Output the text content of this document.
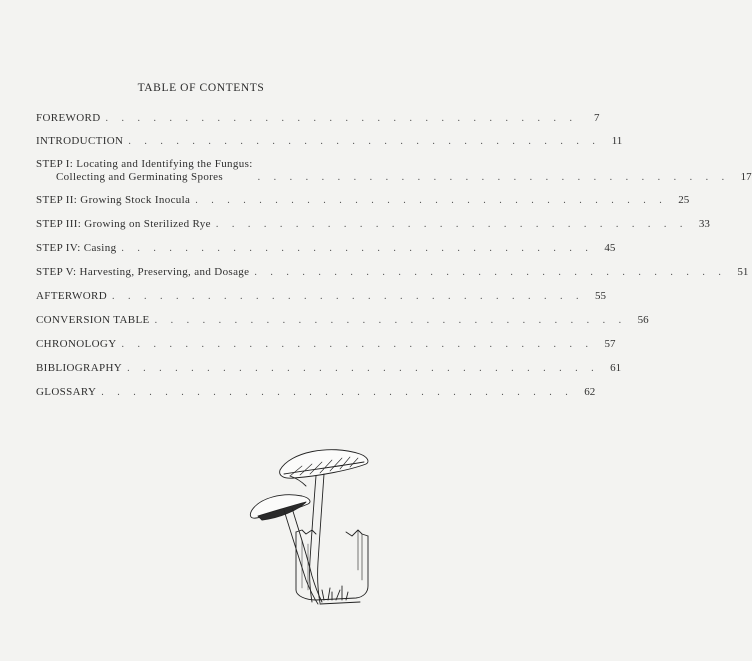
TABLE OF CONTENTS
FOREWORD . . . . . . . . . . . . . . . . . . . . . . . . . . . . . .	7
INTRODUCTION . . . . . . . . . . . . . . . . . . . . . . . . . . . . . .	11
STEP I: Locating and Identifying the Fungus:
Collecting and Germinating Spores	. . . . . . . . . . . . . . . . . . . . . . . . . . . . . .	17
STEP II: Growing Stock Inocula . . . . . . . . . . . . . . . . . . . . . . . . . . . . . .	25
STEP III: Growing on Sterilized Rye . . . . . . . . . . . . . . . . . . . . . . . . . . . . . .	33
STEP IV: Casing . . . . . . . . . . . . . . . . . . . . . . . . . . . . . .	45
STEP V: Harvesting, Preserving, and Dosage . . . . . . . . . . . . . . . . . . . . . . . . . . . . . .	51
AFTERWORD . . . . . . . . . . . . . . . . . . . . . . . . . . . . . .	55
CONVERSION TABLE . . . . . . . . . . . . . . . . . . . . . . . . . . . . . .	56
CHRONOLOGY . . . . . . . . . . . . . . . . . . . . . . . . . . . . . .	57
BIBLIOGRAPHY . . . . . . . . . . . . . . . . . . . . . . . . . . . . . .	61
GLOSSARY . . . . . . . . . . . . . . . . . . . . . . . . . . . . . .	62
